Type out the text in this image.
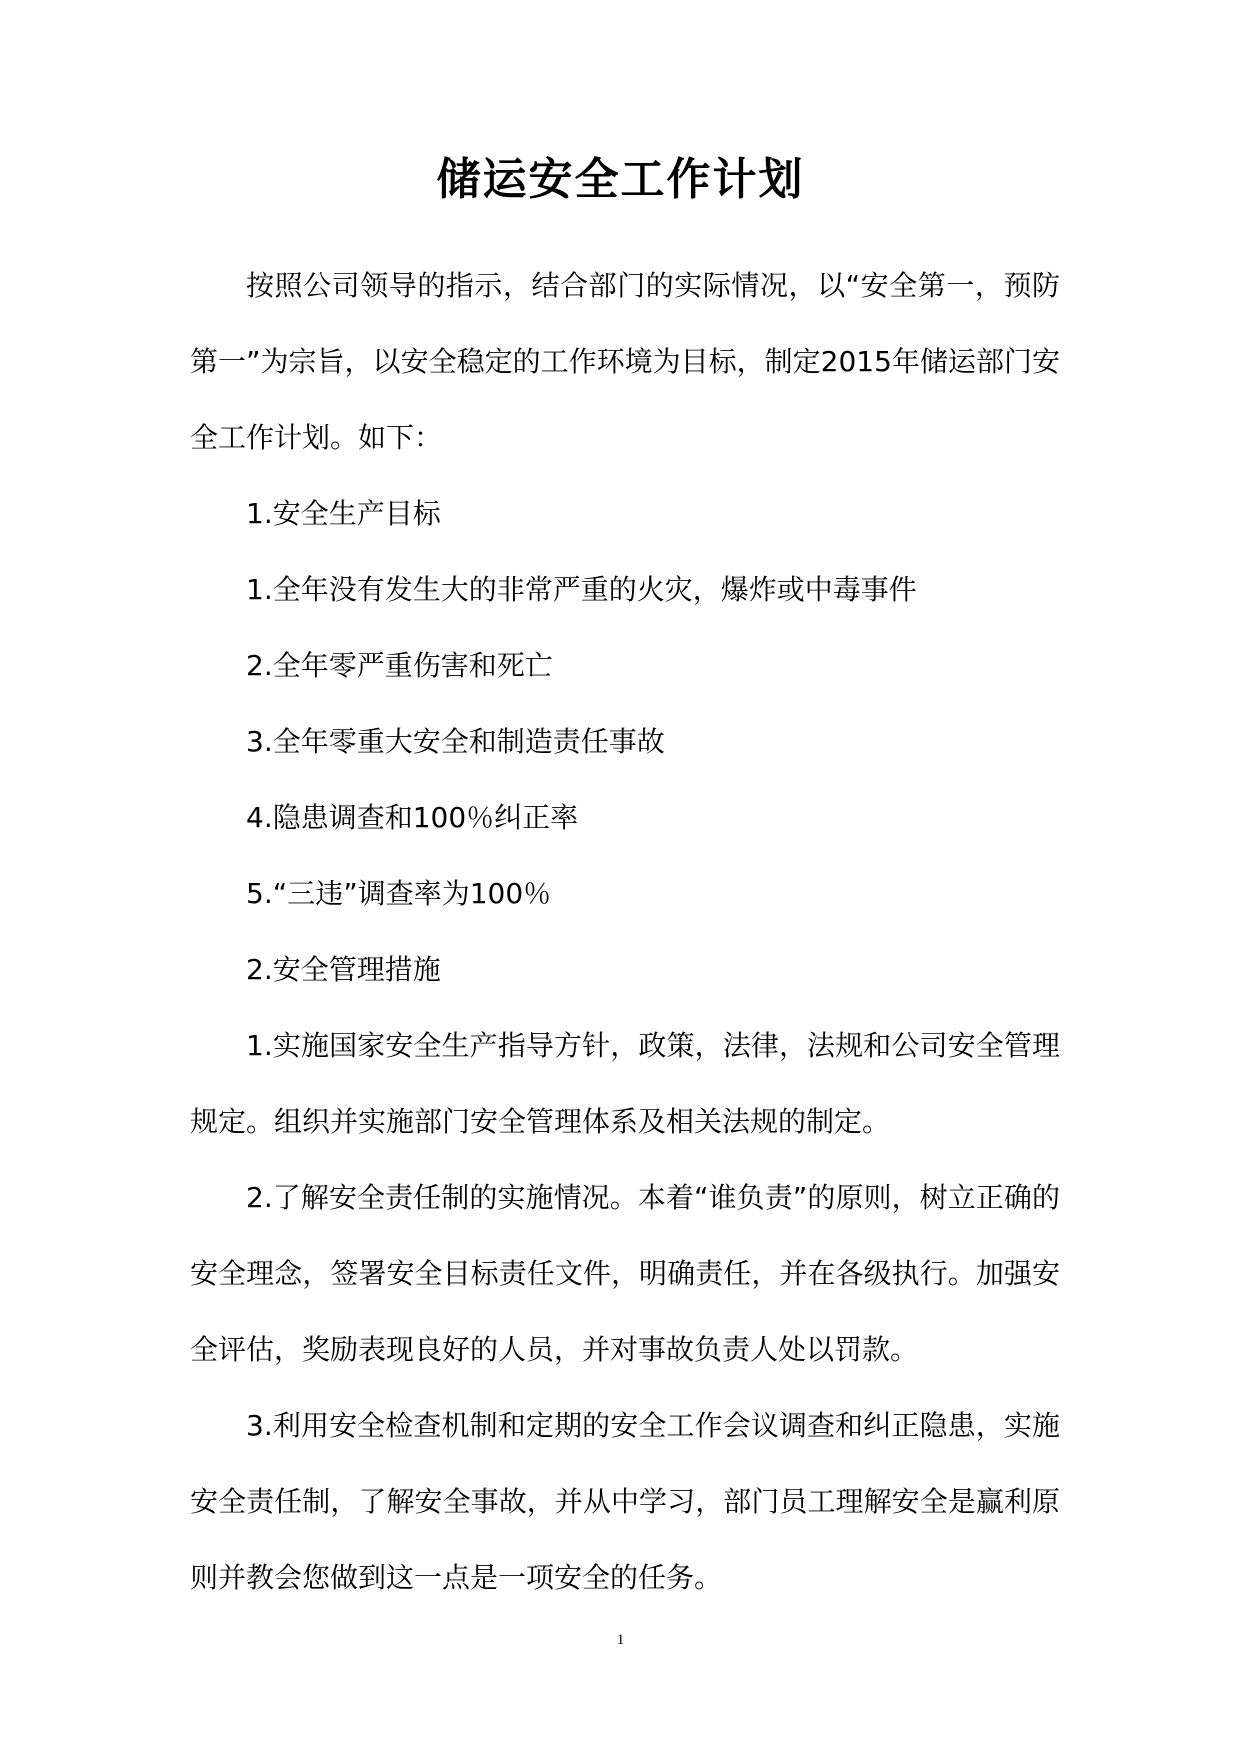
储运安全工作计划

按照公司领导的指示，结合部门的实际情况，以“安全第一，预防第一”为宗旨，以安全稳定的工作环境为目标，制定2015年储运部门安全工作计划。如下：

1.安全生产目标

1.全年没有发生大的非常严重的火灾，爆炸或中毒事件

2.全年零严重伤害和死亡

3.全年零重大安全和制造责任事故

4.隐患调查和100％纠正率

5.“三违”调查率为100％

2.安全管理措施

1.实施国家安全生产指导方针，政策，法律，法规和公司安全管理规定。组织并实施部门安全管理体系及相关法规的制定。

2.了解安全责任制的实施情况。本着“谁负责”的原则，树立正确的安全理念，签署安全目标责任文件，明确责任，并在各级执行。加强安全评估，奖励表现良好的人员，并对事故负责人处以罚款。

3.利用安全检查机制和定期的安全工作会议调查和纠正隐患，实施安全责任制，了解安全事故，并从中学习，部门员工理解安全是赢利原则并教会您做到这一点是一项安全的任务。

1
